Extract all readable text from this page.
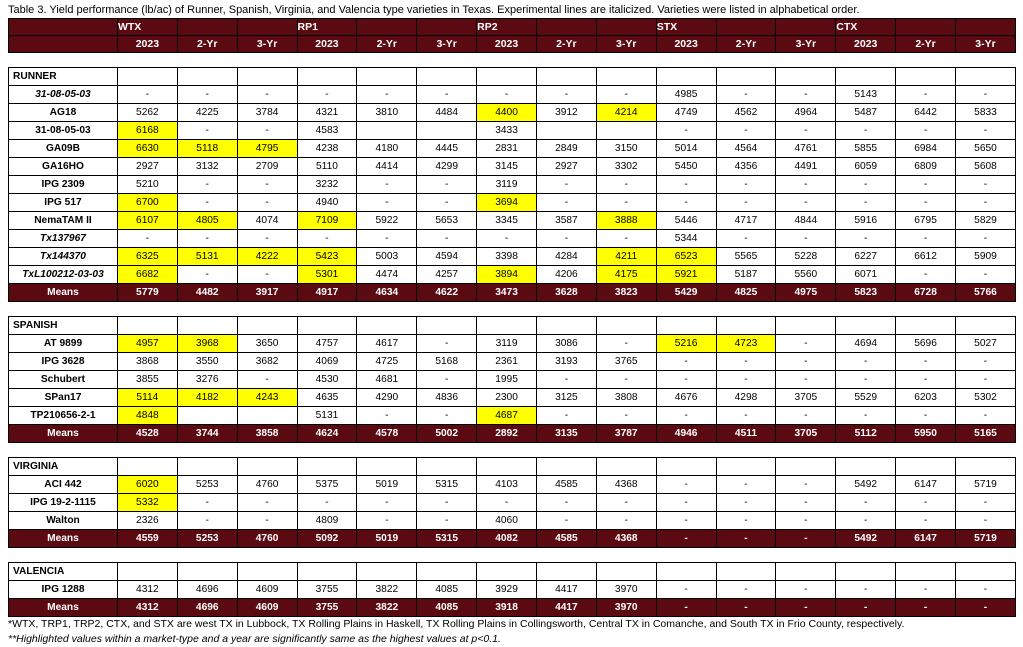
Table 3. Yield performance (lb/ac) of Runner, Spanish, Virginia, and Valencia type varieties in Texas. Experimental lines are italicized. Varieties were listed in alphabetical order.
	WTX			RP1			RP2			STX			CTX		
	2023	2-Yr	3-Yr	2023	2-Yr	3-Yr	2023	2-Yr	3-Yr	2023	2-Yr	3-Yr	2023	2-Yr	3-Yr

RUNNER															
31-08-05-03	-	-	-	-	-	-	-	-	-	4985	-	-	5143	-	-
AG18	5262	4225	3784	4321	3810	4484	4400	3912	4214	4749	4562	4964	5487	6442	5833
31-08-05-03	6168	-	-	4583			3433			-	-	-	-	-	-
GA09B	6630	5118	4795	4238	4180	4445	2831	2849	3150	5014	4564	4761	5855	6984	5650
GA16HO	2927	3132	2709	5110	4414	4299	3145	2927	3302	5450	4356	4491	6059	6809	5608
IPG 2309	5210	-	-	3232	-	-	3119	-	-	-	-	-	-	-	-
IPG 517	6700	-	-	4940	-	-	3694	-	-	-	-	-	-	-	-
NemaTAM II	6107	4805	4074	7109	5922	5653	3345	3587	3888	5446	4717	4844	5916	6795	5829
Tx137967	-	-	-	-	-	-	-	-	-	5344	-	-	-	-	-
Tx144370	6325	5131	4222	5423	5003	4594	3398	4284	4211	6523	5565	5228	6227	6612	5909
TxL100212-03-03	6682	-	-	5301	4474	4257	3894	4206	4175	5921	5187	5560	6071	-	-
Means	5779	4482	3917	4917	4634	4622	3473	3628	3823	5429	4825	4975	5823	6728	5766

SPANISH															
AT 9899	4957	3968	3650	4757	4617	-	3119	3086	-	5216	4723	-	4694	5696	5027
IPG 3628	3868	3550	3682	4069	4725	5168	2361	3193	3765	-	-	-	-	-	-
Schubert	3855	3276	-	4530	4681	-	1995	-	-	-	-	-	-	-	-
SPan17	5114	4182	4243	4635	4290	4836	2300	3125	3808	4676	4298	3705	5529	6203	5302
TP210656-2-1	4848			5131	-	-	4687	-	-	-	-	-	-	-	-
Means	4528	3744	3858	4624	4578	5002	2892	3135	3787	4946	4511	3705	5112	5950	5165

VIRGINIA															
ACI 442	6020	5253	4760	5375	5019	5315	4103	4585	4368	-	-	-	5492	6147	5719
IPG 19-2-1115	5332	-	-	-	-	-	-	-	-	-	-	-	-	-	-
Walton	2326	-	-	4809	-	-	4060	-	-	-	-	-	-	-	-
Means	4559	5253	4760	5092	5019	5315	4082	4585	4368	-	-	-	5492	6147	5719

VALENCIA															
IPG 1288	4312	4696	4609	3755	3822	4085	3929	4417	3970	-	-	-	-	-	-
Means	4312	4696	4609	3755	3822	4085	3918	4417	3970	-	-	-	-	-	-
*WTX, TRP1, TRP2, CTX, and STX are west TX in Lubbock, TX Rolling Plains in Haskell, TX Rolling Plains in Collingsworth, Central TX in Comanche, and South TX in Frio County, respectively.
**Highlighted values within a market-type and a year are significantly same as the highest values at p<0.1.
